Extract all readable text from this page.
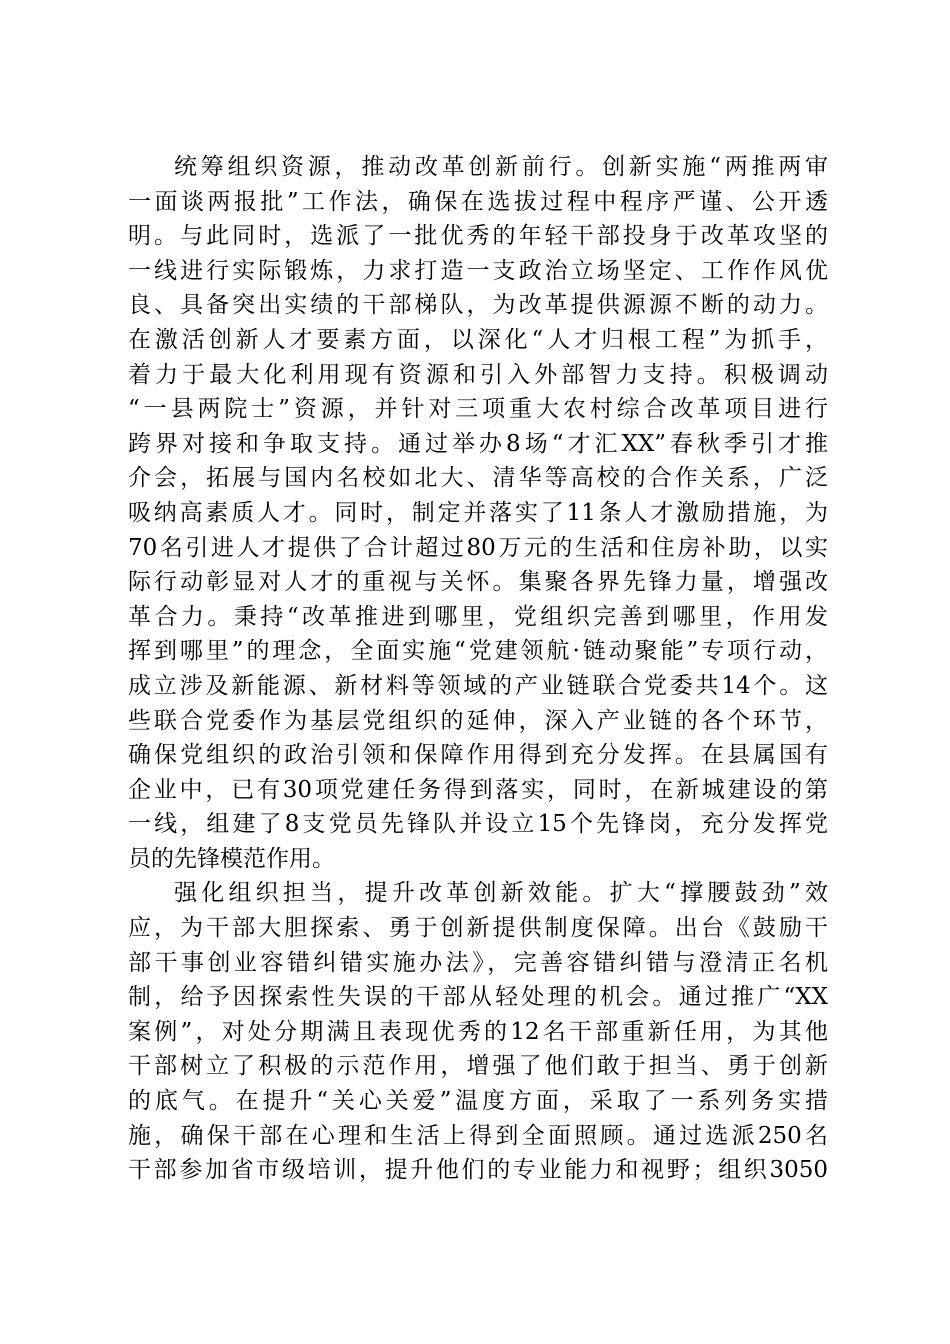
统筹组织资源，推动改革创新前行。创新实施“两推两审
一面谈两报批”工作法，确保在选拔过程中程序严谨、公开透
明。与此同时，选派了一批优秀的年轻干部投身于改革攻坚的
一线进行实际锻炼，力求打造一支政治立场坚定、工作作风优
良、具备突出实绩的干部梯队，为改革提供源源不断的动力。
在激活创新人才要素方面，以深化“人才归根工程”为抓手，
着力于最大化利用现有资源和引入外部智力支持。积极调动
“一县两院士”资源，并针对三项重大农村综合改革项目进行
跨界对接和争取支持。通过举办8场“才汇XX”春秋季引才推
介会，拓展与国内名校如北大、清华等高校的合作关系，广泛
吸纳高素质人才。同时，制定并落实了11条人才激励措施，为
70名引进人才提供了合计超过80万元的生活和住房补助，以实
际行动彰显对人才的重视与关怀。集聚各界先锋力量，增强改
革合力。秉持“改革推进到哪里，党组织完善到哪里，作用发
挥到哪里”的理念，全面实施“党建领航·链动聚能”专项行动，
成立涉及新能源、新材料等领域的产业链联合党委共14个。这
些联合党委作为基层党组织的延伸，深入产业链的各个环节，
确保党组织的政治引领和保障作用得到充分发挥。在县属国有
企业中，已有30项党建任务得到落实，同时，在新城建设的第
一线，组建了8支党员先锋队并设立15个先锋岗，充分发挥党
员的先锋模范作用。
强化组织担当，提升改革创新效能。扩大“撑腰鼓劲”效
应，为干部大胆探索、勇于创新提供制度保障。出台《鼓励干
部干事创业容错纠错实施办法》，完善容错纠错与澄清正名机
制，给予因探索性失误的干部从轻处理的机会。通过推广“XX
案例”，对处分期满且表现优秀的12名干部重新任用，为其他
干部树立了积极的示范作用，增强了他们敢于担当、勇于创新
的底气。在提升“关心关爱”温度方面，采取了一系列务实措
施，确保干部在心理和生活上得到全面照顾。通过选派250名
干部参加省市级培训，提升他们的专业能力和视野；组织3050
